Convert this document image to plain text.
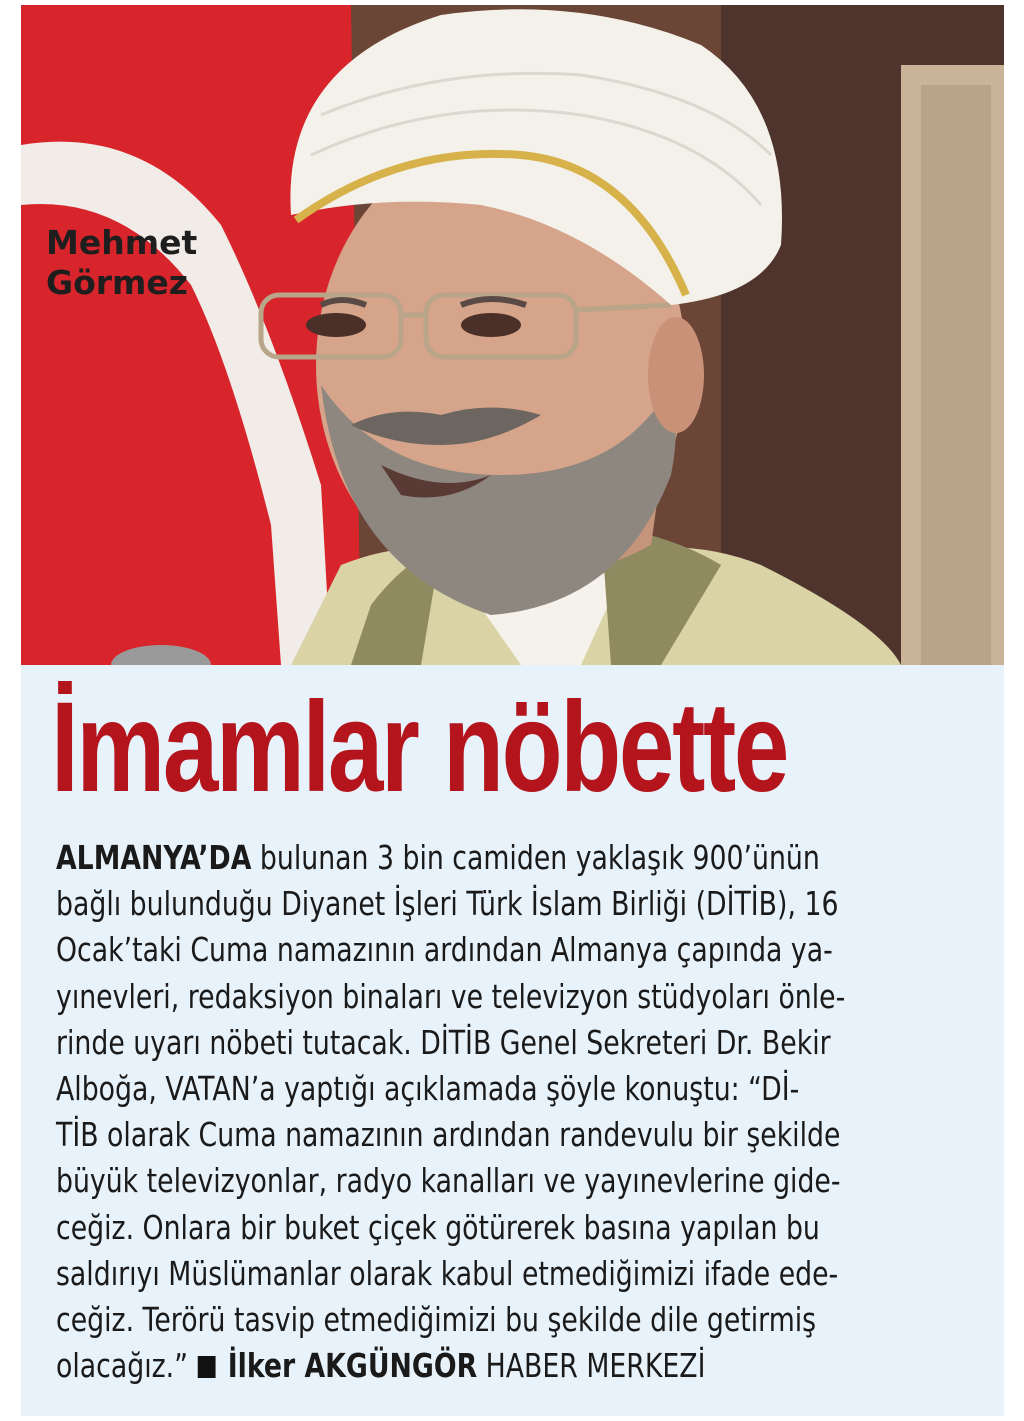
Mehmet
Görmez
İmamlar nöbette
ALMANYA’DA bulunan 3 bin camiden yaklaşık 900’ünün
bağlı bulunduğu Diyanet İşleri Türk İslam Birliği (DİTİB), 16
Ocak’taki Cuma namazının ardından Almanya çapında ya-
yınevleri, redaksiyon binaları ve televizyon stüdyoları önle-
rinde uyarı nöbeti tutacak. DİTİB Genel Sekreteri Dr. Bekir
Alboğa, VATAN’a yaptığı açıklamada şöyle konuştu: “Dİ-
TİB olarak Cuma namazının ardından randevulu bir şekilde
büyük televizyonlar, radyo kanalları ve yayınevlerine gide-
ceğiz. Onlara bir buket çiçek götürerek basına yapılan bu
saldırıyı Müslümanlar olarak kabul etmediğimizi ifade ede-
ceğiz. Terörü tasvip etmediğimizi bu şekilde dile getirmiş
olacağız.” İlker AKGÜNGÖR HABER MERKEZİ
